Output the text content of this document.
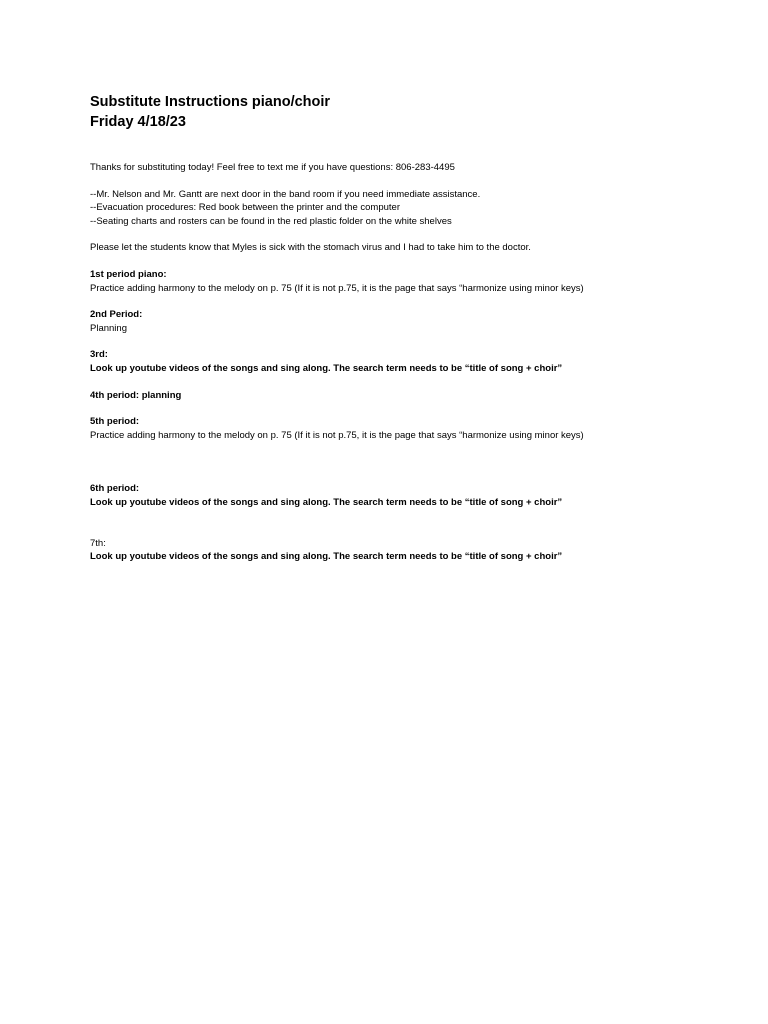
Substitute Instructions piano/choir

Friday 4/18/23

Thanks for substituting today! Feel free to text me if you have questions: 806-283-4495

--Mr. Nelson and Mr. Gantt are next door in the band room if you need immediate assistance.

--Evacuation procedures: Red book between the printer and the computer

--Seating charts and rosters can be found in the red plastic folder on the white shelves

Please let the students know that Myles is sick with the stomach virus and I had to take him to the doctor.

1st period piano:

Practice adding harmony to the melody on p. 75 (If it is not p.75, it is the page that says “harmonize using minor keys)

2nd Period:

Planning

3rd:

Look up youtube videos of the songs and sing along. The search term needs to be “title of song + choir”

4th period: planning

5th period:

Practice adding harmony to the melody on p. 75 (If it is not p.75, it is the page that says “harmonize using minor keys)

6th period:

Look up youtube videos of the songs and sing along. The search term needs to be “title of song + choir”

7th:

Look up youtube videos of the songs and sing along. The search term needs to be “title of song + choir”
